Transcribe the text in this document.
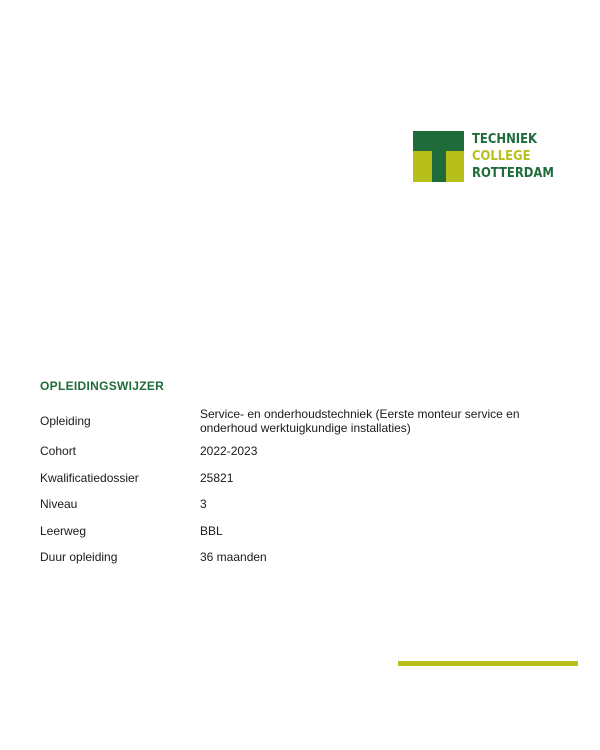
TECHNIEK
COLLEGE
ROTTERDAM
OPLEIDINGSWIJZER
Opleiding	Service- en onderhoudstechniek (Eerste monteur service en onderhoud werktuigkundige installaties)
Cohort	2022-2023
Kwalificatiedossier	25821
Niveau	3
Leerweg	BBL
Duur opleiding	36 maanden
